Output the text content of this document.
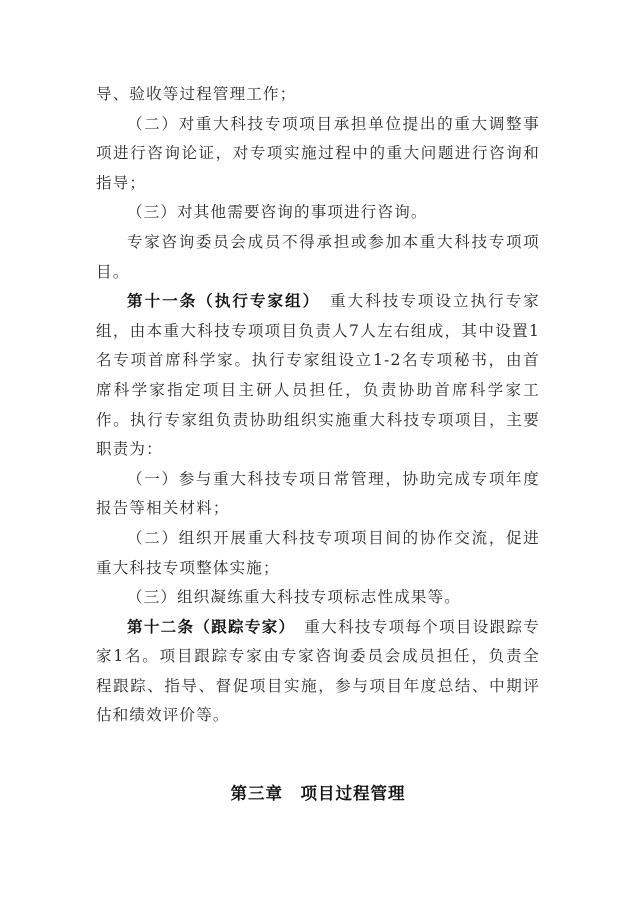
导、验收等过程管理工作；

（二）对重大科技专项项目承担单位提出的重大调整事项进行咨询论证，对专项实施过程中的重大问题进行咨询和指导；

（三）对其他需要咨询的事项进行咨询。

专家咨询委员会成员不得承担或参加本重大科技专项项目。

第十一条（执行专家组）　重大科技专项设立执行专家组，由本重大科技专项项目负责人7人左右组成，其中设置1名专项首席科学家。执行专家组设立1-2名专项秘书，由首席科学家指定项目主研人员担任，负责协助首席科学家工作。执行专家组负责协助组织实施重大科技专项项目，主要职责为：

（一）参与重大科技专项日常管理，协助完成专项年度报告等相关材料；

（二）组织开展重大科技专项项目间的协作交流，促进重大科技专项整体实施；

（三）组织凝练重大科技专项标志性成果等。

第十二条（跟踪专家）　重大科技专项每个项目设跟踪专家1名。项目跟踪专家由专家咨询委员会成员担任，负责全程跟踪、指导、督促项目实施，参与项目年度总结、中期评估和绩效评价等。

第三章　项目过程管理
